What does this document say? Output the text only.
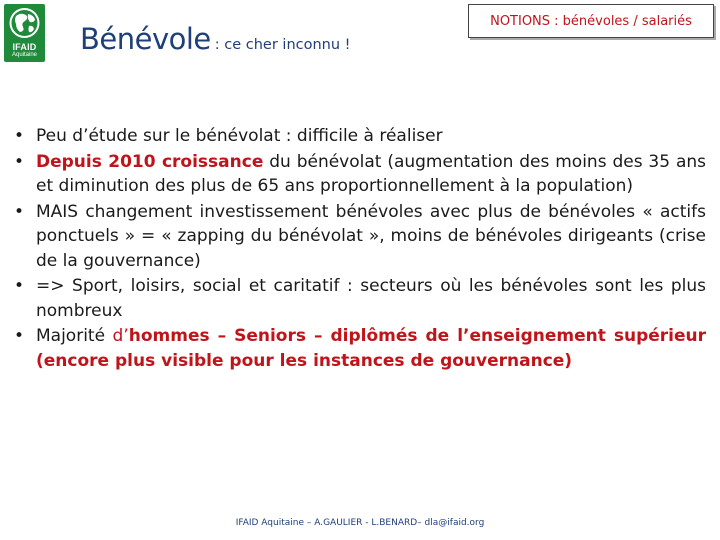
IFAID
Aquitaine Bénévole : ce cher inconnu !
NOTIONS : bénévoles / salariés
• Peu d’étude sur le bénévolat : difficile à réaliser
• Depuis 2010 croissance du bénévolat (augmentation des moins des 35 ans et diminution des plus de 65 ans proportionnellement à la population)
• MAIS changement investissement bénévoles avec plus de bénévoles « actifs ponctuels » = « zapping du bénévolat », moins de bénévoles dirigeants (crise de la gouvernance)
• => Sport, loisirs, social et caritatif : secteurs où les bénévoles sont les plus nombreux
• Majorité d’hommes – Seniors – diplômés de l’enseignement supérieur (encore plus visible pour les instances de gouvernance)
IFAID Aquitaine – A.GAULIER - L.BENARD– dla@ifaid.org
